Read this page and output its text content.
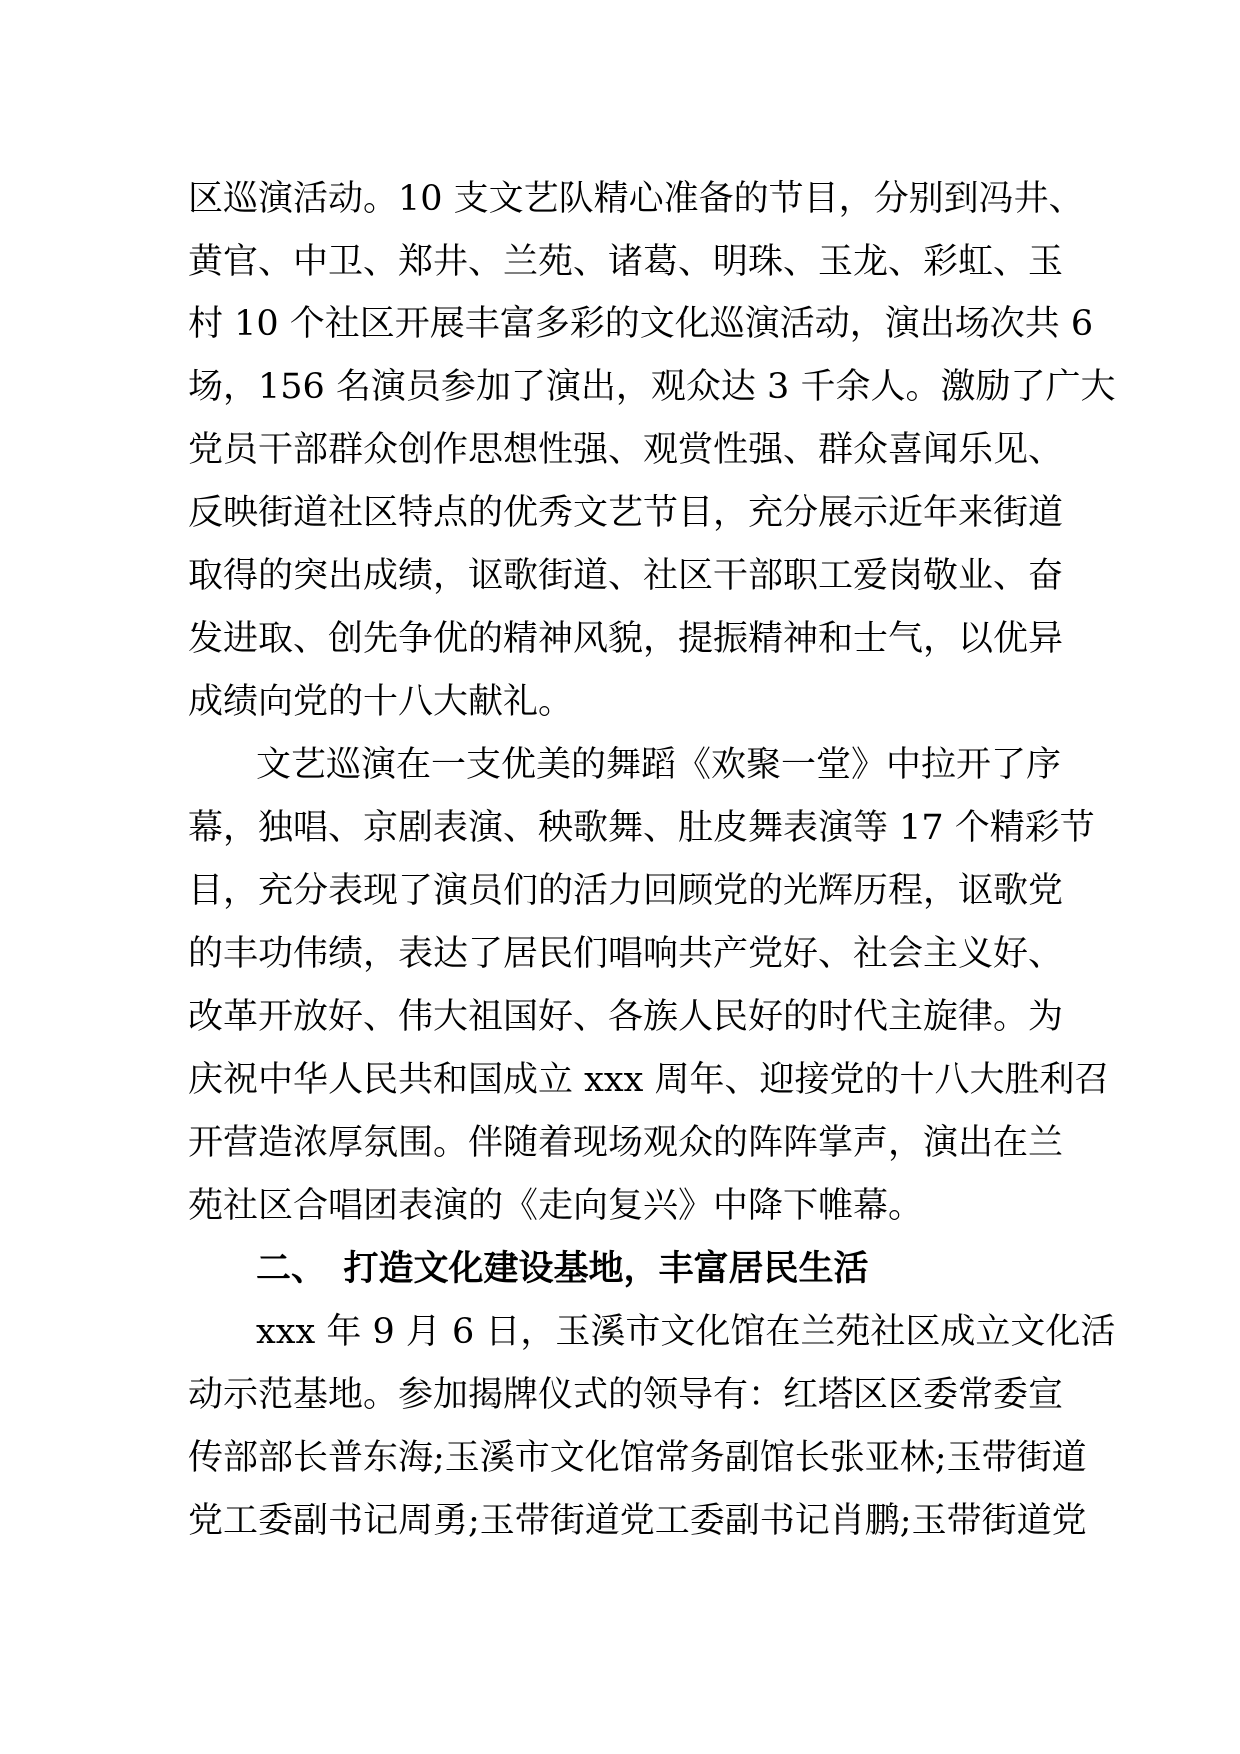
区巡演活动。10 支文艺队精心准备的节目，分别到冯井、
黄官、中卫、郑井、兰苑、诸葛、明珠、玉龙、彩虹、玉
村 10 个社区开展丰富多彩的文化巡演活动，演出场次共 6
场，156 名演员参加了演出，观众达 3 千余人。激励了广大
党员干部群众创作思想性强、观赏性强、群众喜闻乐见、
反映街道社区特点的优秀文艺节目，充分展示近年来街道
取得的突出成绩，讴歌街道、社区干部职工爱岗敬业、奋
发进取、创先争优的精神风貌，提振精神和士气，以优异
成绩向党的十八大献礼。
文艺巡演在一支优美的舞蹈《欢聚一堂》中拉开了序
幕，独唱、京剧表演、秧歌舞、肚皮舞表演等 17 个精彩节
目，充分表现了演员们的活力回顾党的光辉历程，讴歌党
的丰功伟绩，表达了居民们唱响共产党好、社会主义好、
改革开放好、伟大祖国好、各族人民好的时代主旋律。为
庆祝中华人民共和国成立 xxx 周年、迎接党的十八大胜利召
开营造浓厚氛围。伴随着现场观众的阵阵掌声，演出在兰
苑社区合唱团表演的《走向复兴》中降下帷幕。
二、　打造文化建设基地，丰富居民生活
xxx 年 9 月 6 日，玉溪市文化馆在兰苑社区成立文化活
动示范基地。参加揭牌仪式的领导有：红塔区区委常委宣
传部部长普东海;玉溪市文化馆常务副馆长张亚林;玉带街道
党工委副书记周勇;玉带街道党工委副书记肖鹏;玉带街道党
